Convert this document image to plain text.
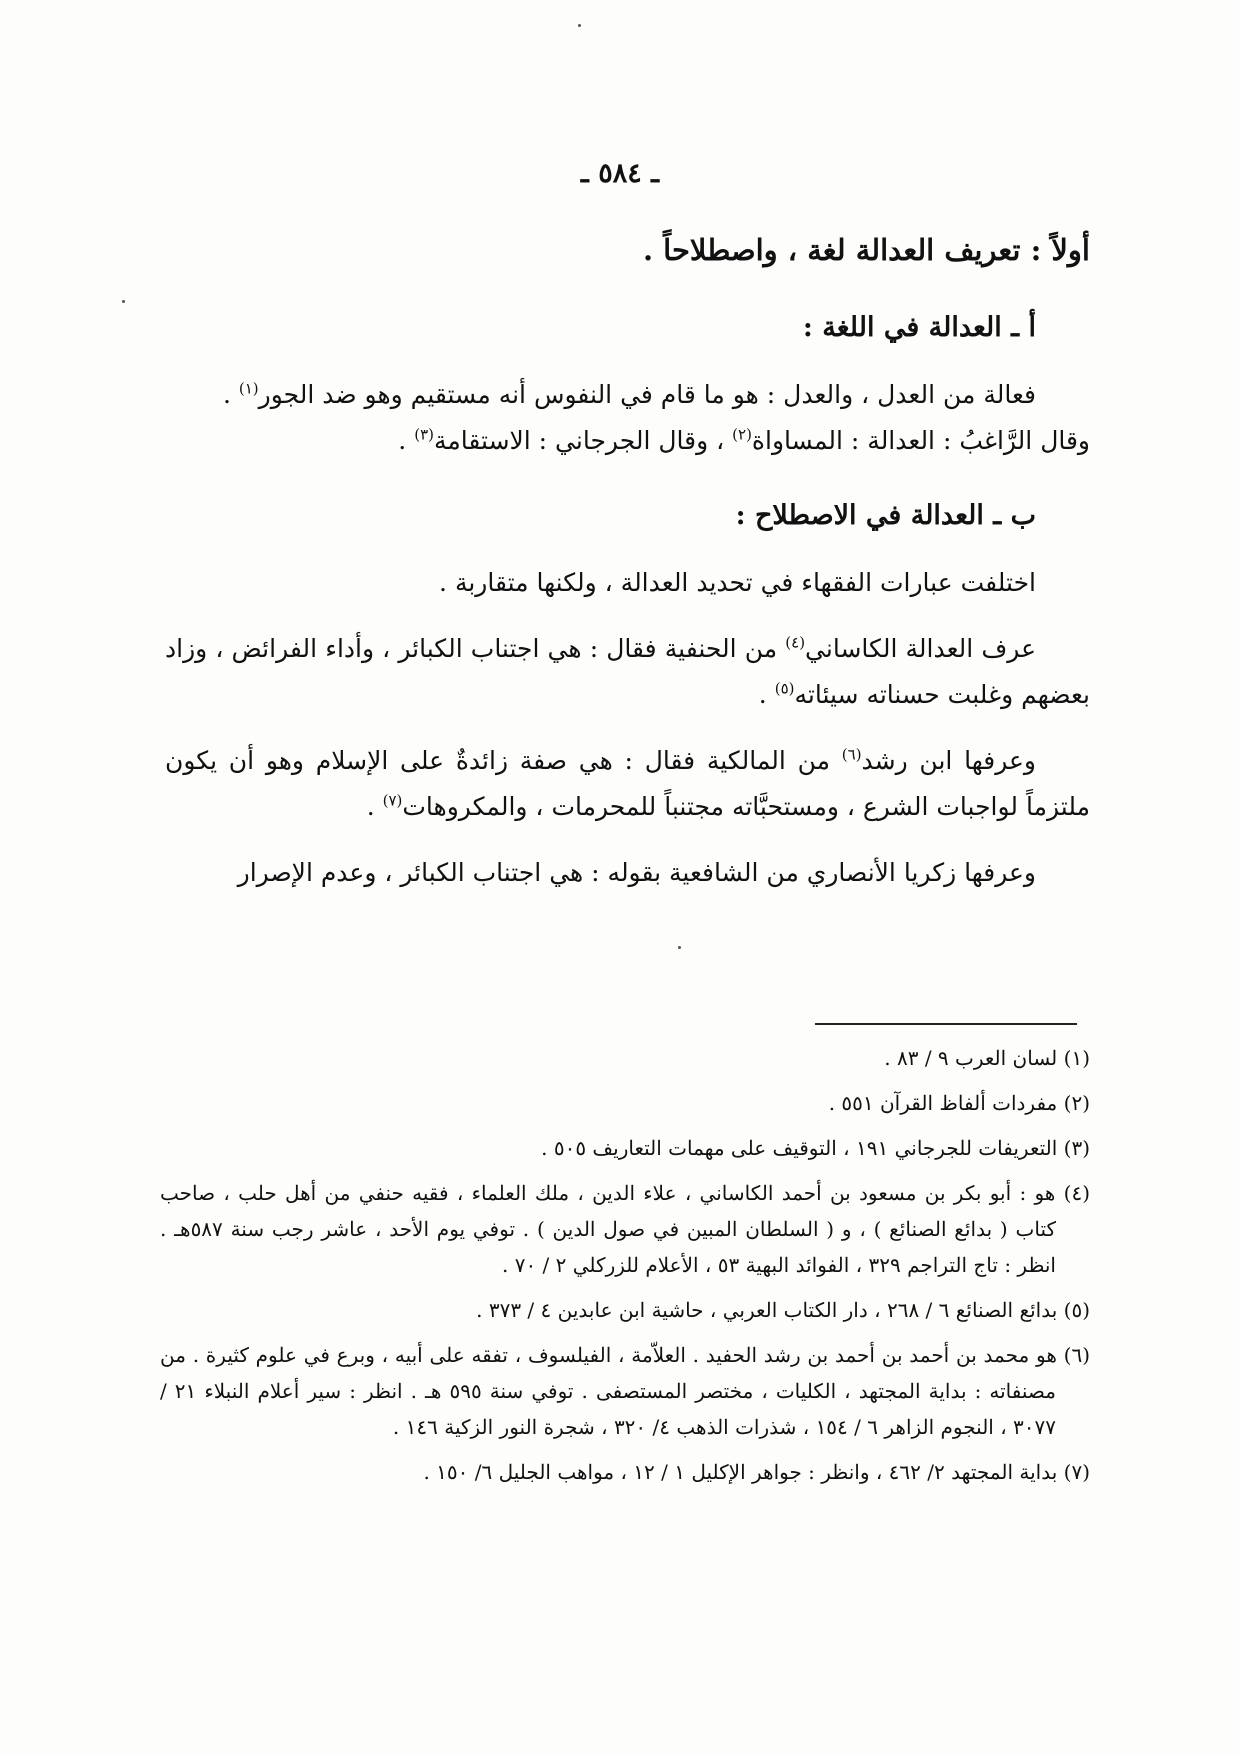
ـ ٥٨٤ ـ
أولاً : تعريف العدالة لغة ، واصطلاحاً .
أ ـ العدالة في اللغة :
فعالة من العدل ، والعدل : هو ما قام في النفوس أنه مستقيم وهو ضد الجور$^{(١)}$ .
وقال الرَّاغبُ : العدالة : المساواة$^{(٢)}$ ، وقال الجرجاني : الاستقامة$^{(٣)}$ .
ب ـ العدالة في الاصطلاح :
اختلفت عبارات الفقهاء في تحديد العدالة ، ولكنها متقاربة .
عرف العدالة الكاساني$^{(٤)}$ من الحنفية فقال : هي اجتناب الكبائر ، وأداء الفرائض ، وزاد بعضهم وغلبت حسناته سيئاته$^{(٥)}$ .
وعرفها ابن رشد$^{(٦)}$ من المالكية فقال : هي صفة زائدةٌ على الإسلام وهو أن يكون ملتزماً لواجبات الشرع ، ومستحبَّاته مجتنباً للمحرمات ، والمكروهات$^{(٧)}$ .
وعرفها زكريا الأنصاري من الشافعية بقوله : هي اجتناب الكبائر ، وعدم الإصرار
(١) لسان العرب ٩ / ٨٣ .
(٢) مفردات ألفاظ القرآن ٥٥١ .
(٣) التعريفات للجرجاني ١٩١ ، التوقيف على مهمات التعاريف ٥٠٥ .
(٤) هو : أبو بكر بن مسعود بن أحمد الكاساني ، علاء الدين ، ملك العلماء ، فقيه حنفي من أهل حلب ، صاحب كتاب ( بدائع الصنائع ) ، و ( السلطان المبين في صول الدين ) . توفي يوم الأحد ، عاشر رجب سنة ٥٨٧هـ . انظر : تاج التراجم ٣٢٩ ، الفوائد البهية ٥٣ ، الأعلام للزركلي ٢ / ٧٠ .
(٥) بدائع الصنائع ٦ / ٢٦٨ ، دار الكتاب العربي ، حاشية ابن عابدين ٤ / ٣٧٣ .
(٦) هو محمد بن أحمد بن أحمد بن رشد الحفيد . العلاّمة ، الفيلسوف ، تفقه على أبيه ، وبرع في علوم كثيرة . من مصنفاته : بداية المجتهد ، الكليات ، مختصر المستصفى . توفي سنة ٥٩٥ هـ . انظر : سير أعلام النبلاء ٢١ / ٣٠٧٧ ، النجوم الزاهر ٦ / ١٥٤ ، شذرات الذهب ٤/ ٣٢٠ ، شجرة النور الزكية ١٤٦ .
(٧) بداية المجتهد ٢/ ٤٦٢ ، وانظر : جواهر الإكليل ١ / ١٢ ، مواهب الجليل ٦/ ١٥٠ .
